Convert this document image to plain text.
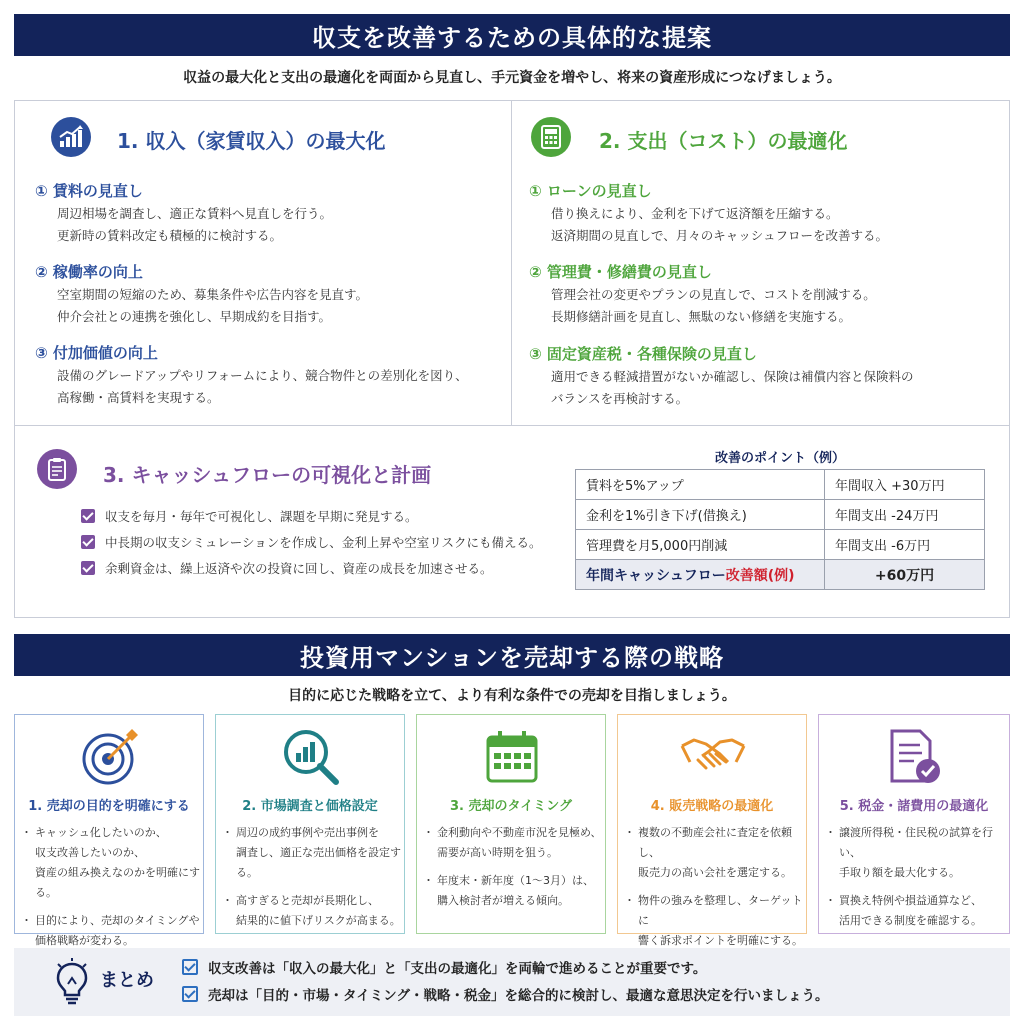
収支を改善するための具体的な提案
収益の最大化と支出の最適化を両面から見直し、手元資金を増やし、将来の資産形成につなげましょう。
1. 収入（家賃収入）の最大化
① 賃料の見直し
周辺相場を調査し、適正な賃料へ見直しを行う。
更新時の賃料改定も積極的に検討する。
② 稼働率の向上
空室期間の短縮のため、募集条件や広告内容を見直す。
仲介会社との連携を強化し、早期成約を目指す。
③ 付加価値の向上
設備のグレードアップやリフォームにより、競合物件との差別化を図り、
高稼働・高賃料を実現する。
2. 支出（コスト）の最適化
① ローンの見直し
借り換えにより、金利を下げて返済額を圧縮する。
返済期間の見直しで、月々のキャッシュフローを改善する。
② 管理費・修繕費の見直し
管理会社の変更やプランの見直しで、コストを削減する。
長期修繕計画を見直し、無駄のない修繕を実施する。
③ 固定資産税・各種保険の見直し
適用できる軽減措置がないか確認し、保険は補償内容と保険料の
バランスを再検討する。
3. キャッシュフローの可視化と計画
収支を毎月・毎年で可視化し、課題を早期に発見する。
中長期の収支シミュレーションを作成し、金利上昇や空室リスクにも備える。
余剰資金は、繰上返済や次の投資に回し、資産の成長を加速させる。
改善のポイント（例）
賃料を5%アップ	年間収入 +30万円
金利を1%引き下げ(借換え)	年間支出 -24万円
管理費を月5,000円削減	年間支出 -6万円
年間キャッシュフロー改善額(例)	+60万円
投資用マンションを売却する際の戦略
目的に応じた戦略を立て、より有利な条件での売却を目指しましょう。
1. 売却の目的を明確にする
・ キャッシュ化したいのか、
収支改善したいのか、
資産の組み換えなのかを明確にする。
・ 目的により、売却のタイミングや
価格戦略が変わる。
2. 市場調査と価格設定
・ 周辺の成約事例や売出事例を
調査し、適正な売出価格を設定する。
・ 高すぎると売却が長期化し、
結果的に値下げリスクが高まる。
3. 売却のタイミング
・ 金利動向や不動産市況を見極め、
需要が高い時期を狙う。
・ 年度末・新年度（1〜3月）は、
購入検討者が増える傾向。
4. 販売戦略の最適化
・ 複数の不動産会社に査定を依頼し、
販売力の高い会社を選定する。
・ 物件の強みを整理し、ターゲットに
響く訴求ポイントを明確にする。
5. 税金・諸費用の最適化
・ 譲渡所得税・住民税の試算を行い、
手取り額を最大化する。
・ 買換え特例や損益通算など、
活用できる制度を確認する。
まとめ
収支改善は「収入の最大化」と「支出の最適化」を両輪で進めることが重要です。
売却は「目的・市場・タイミング・戦略・税金」を総合的に検討し、最適な意思決定を行いましょう。
